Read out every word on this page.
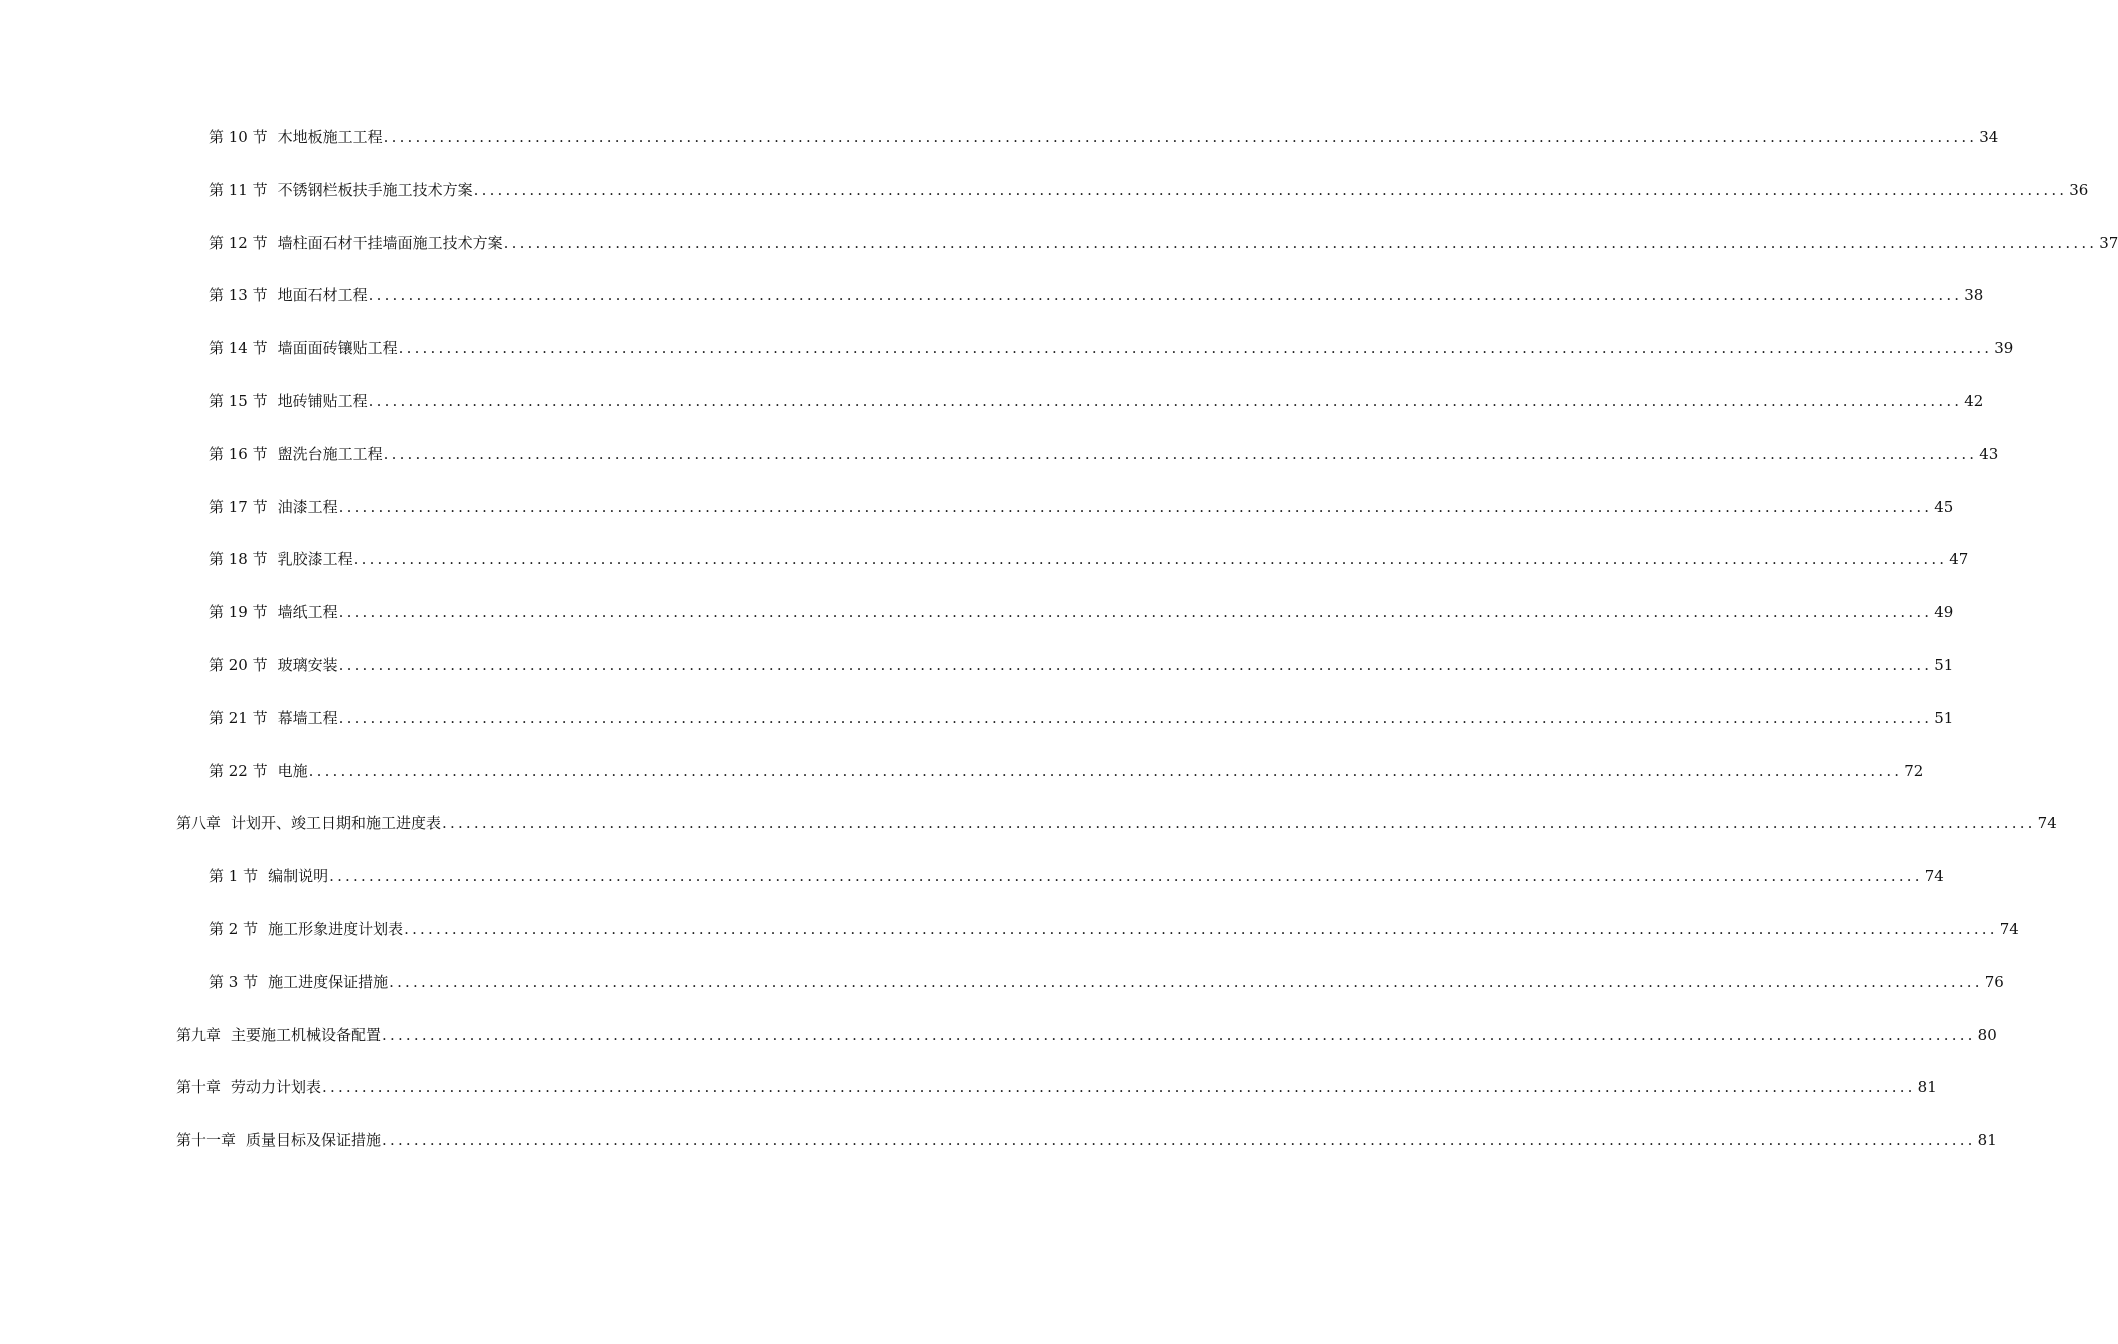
第 10 节 木地板施工工程 ........................................................................................................................................................................................................ 34
第 11 节 不锈钢栏板扶手施工技术方案 ........................................................................................................................................................................................................ 36
第 12 节 墙柱面石材干挂墙面施工技术方案 ........................................................................................................................................................................................................ 37
第 13 节 地面石材工程 ........................................................................................................................................................................................................ 38
第 14 节 墙面面砖镶贴工程 ........................................................................................................................................................................................................ 39
第 15 节 地砖铺贴工程 ........................................................................................................................................................................................................ 42
第 16 节 盥洗台施工工程 ........................................................................................................................................................................................................ 43
第 17 节 油漆工程 ........................................................................................................................................................................................................ 45
第 18 节 乳胶漆工程 ........................................................................................................................................................................................................ 47
第 19 节 墙纸工程 ........................................................................................................................................................................................................ 49
第 20 节 玻璃安装 ........................................................................................................................................................................................................ 51
第 21 节 幕墙工程 ........................................................................................................................................................................................................ 51
第 22 节 电施 ........................................................................................................................................................................................................ 72
第八章 计划开、竣工日期和施工进度表 ........................................................................................................................................................................................................ 74
第 1 节 编制说明 ........................................................................................................................................................................................................ 74
第 2 节 施工形象进度计划表 ........................................................................................................................................................................................................ 74
第 3 节 施工进度保证措施 ........................................................................................................................................................................................................ 76
第九章 主要施工机械设备配置 ........................................................................................................................................................................................................ 80
第十章 劳动力计划表 ........................................................................................................................................................................................................ 81
第十一章 质量目标及保证措施 ........................................................................................................................................................................................................ 81
